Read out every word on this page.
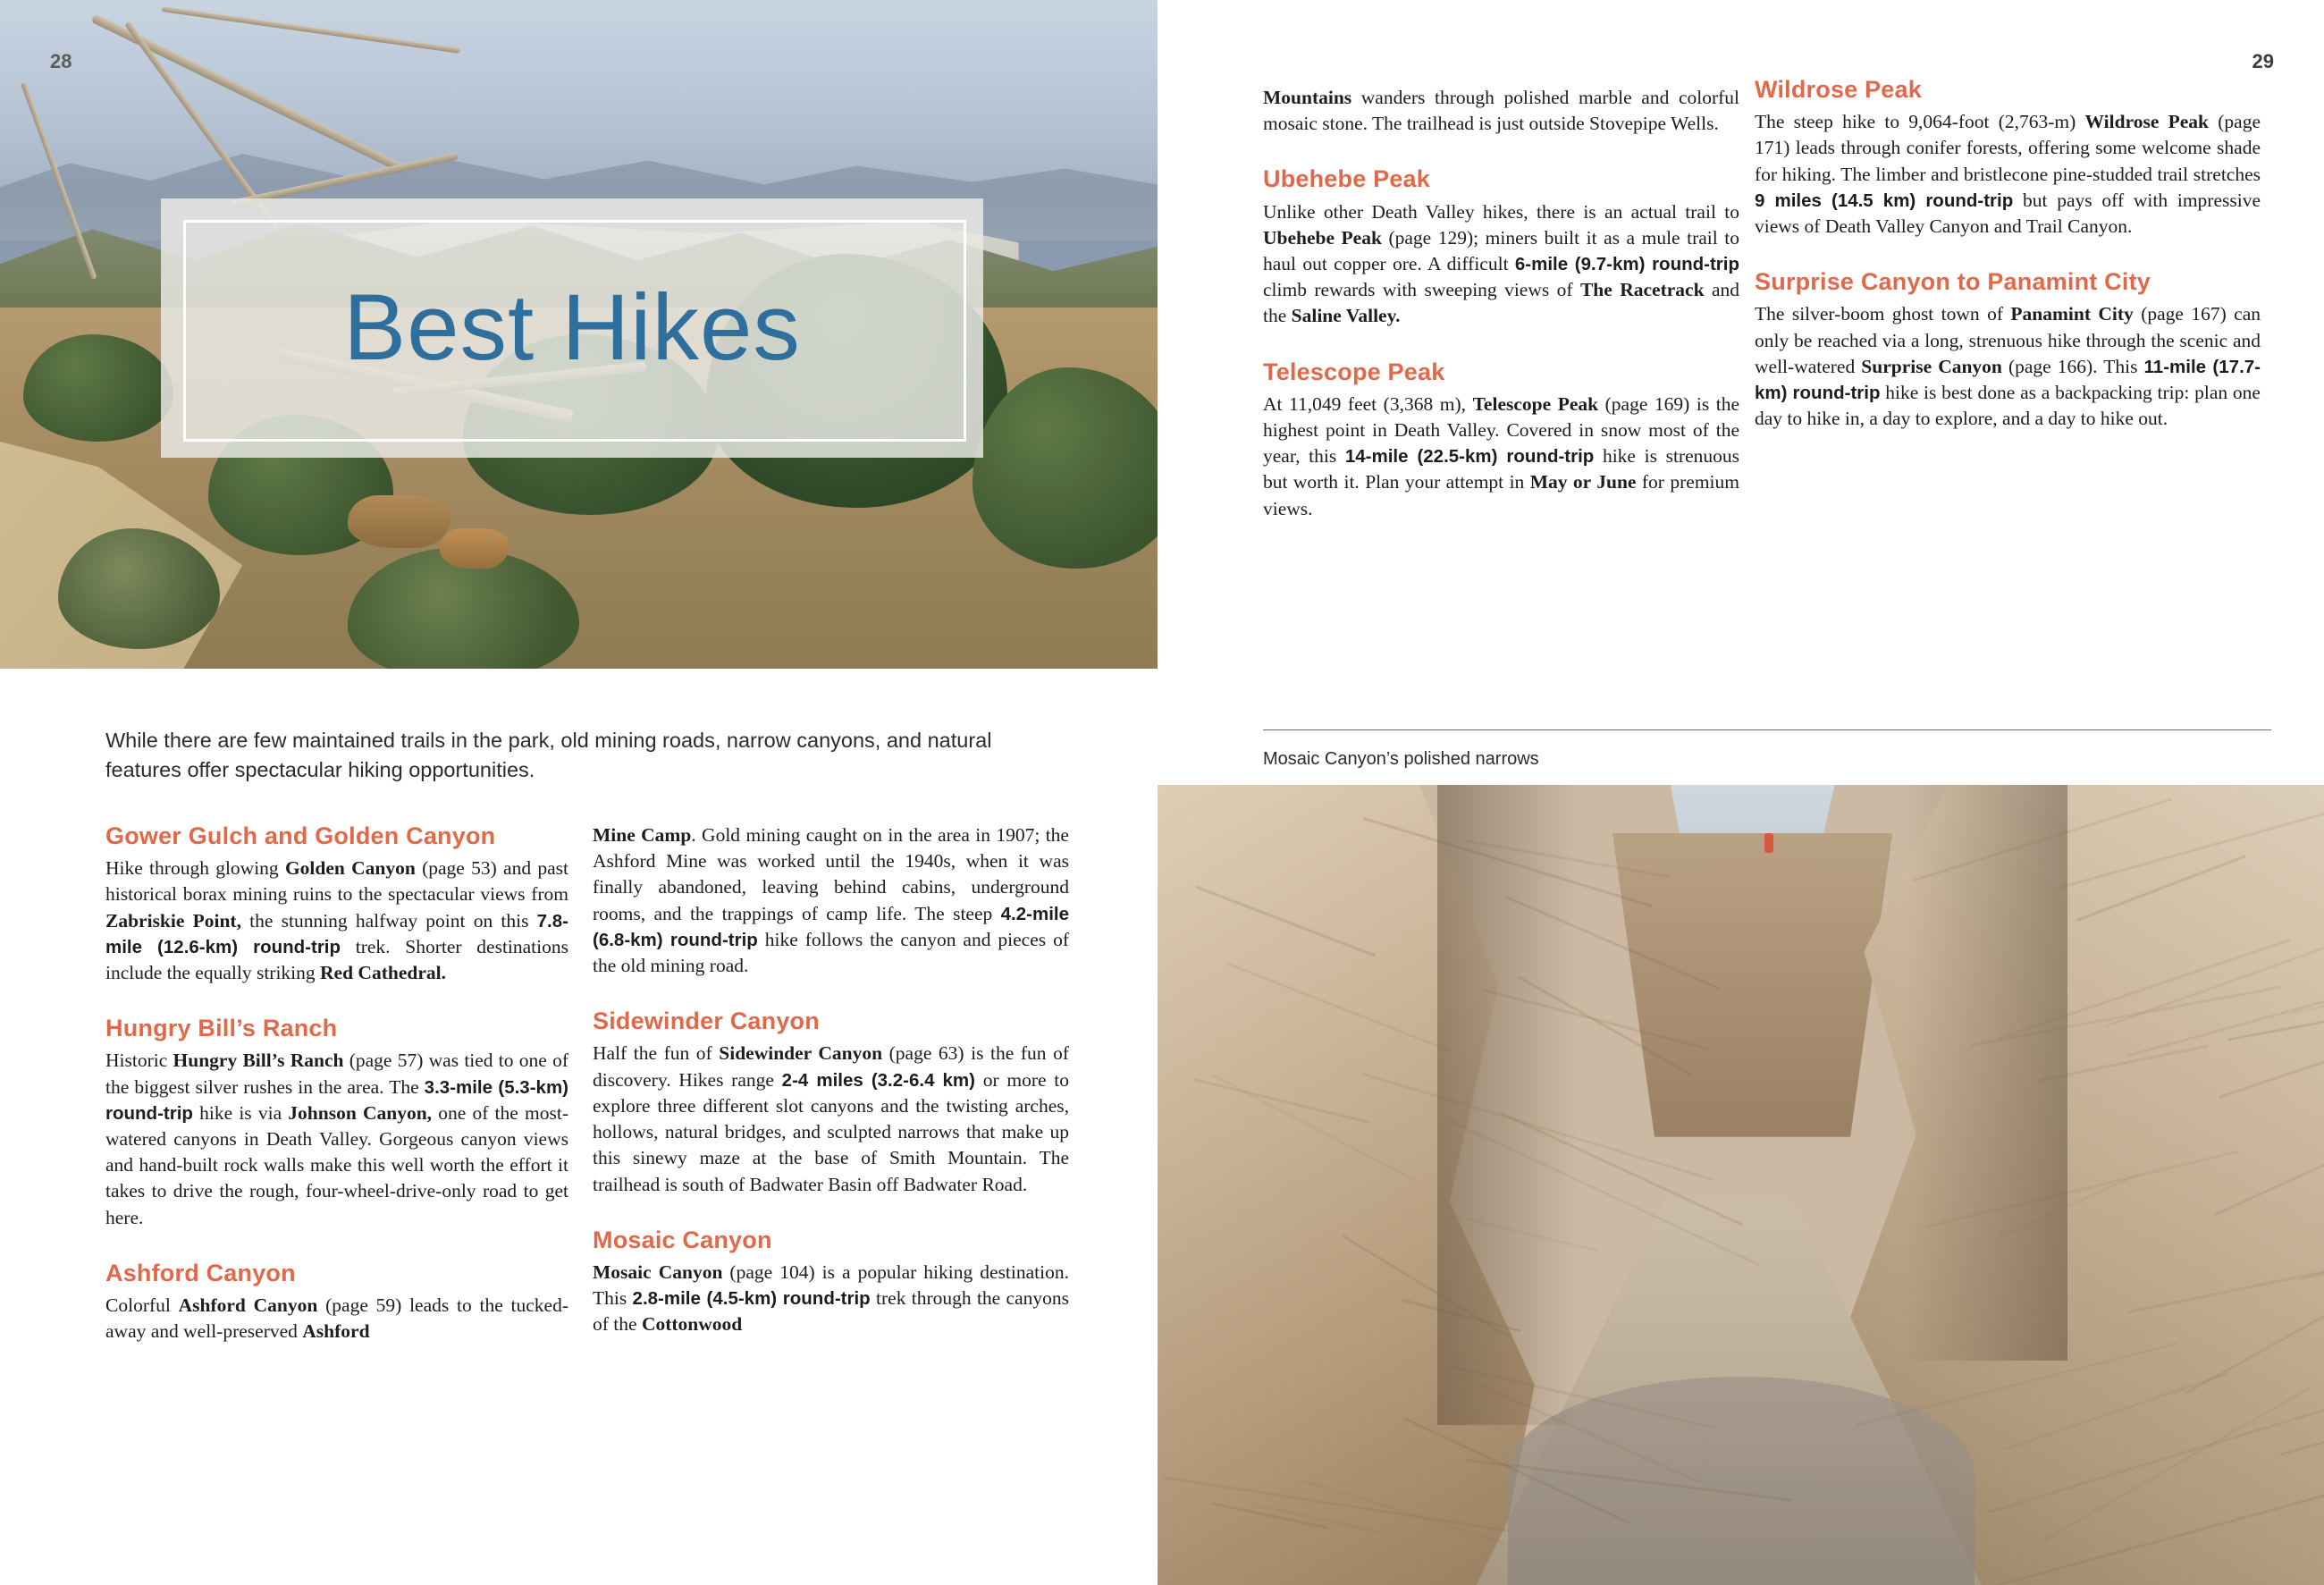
Best Hikes
28	29
While there are few maintained trails in the park, old mining roads, narrow canyons, and natural features offer spectacular hiking opportunities.
Gower Gulch and Golden Canyon

Hike through glowing Golden Canyon (page 53) and past historical borax mining ruins to the spectacular views from Zabriskie Point, the stunning halfway point on this 7.8-mile (12.6-km) round-trip trek. Shorter destinations include the equally striking Red Cathedral.

Hungry Bill’s Ranch

Historic Hungry Bill’s Ranch (page 57) was tied to one of the biggest silver rushes in the area. The 3.3-mile (5.3-km) round-trip hike is via Johnson Canyon, one of the most-watered canyons in Death Valley. Gorgeous canyon views and hand-built rock walls make this well worth the effort it takes to drive the rough, four-wheel-drive-only road to get here.

Ashford Canyon

Colorful Ashford Canyon (page 59) leads to the tucked-away and well-preserved Ashford

Mine Camp. Gold mining caught on in the area in 1907; the Ashford Mine was worked until the 1940s, when it was finally abandoned, leaving behind cabins, underground rooms, and the trappings of camp life. The steep 4.2-mile (6.8-km) round-trip hike follows the canyon and pieces of the old mining road.

Sidewinder Canyon

Half the fun of Sidewinder Canyon (page 63) is the fun of discovery. Hikes range 2-4 miles (3.2-6.4 km) or more to explore three different slot canyons and the twisting arches, hollows, natural bridges, and sculpted narrows that make up this sinewy maze at the base of Smith Mountain. The trailhead is south of Badwater Basin off Badwater Road.

Mosaic Canyon

Mosaic Canyon (page 104) is a popular hiking destination. This 2.8-mile (4.5-km) round-trip trek through the canyons of the Cottonwood

Mountains wanders through polished marble and colorful mosaic stone. The trailhead is just outside Stovepipe Wells.

Ubehebe Peak

Unlike other Death Valley hikes, there is an actual trail to Ubehebe Peak (page 129); miners built it as a mule trail to haul out copper ore. A difficult 6-mile (9.7-km) round-trip climb rewards with sweeping views of The Racetrack and the Saline Valley.

Telescope Peak

At 11,049 feet (3,368 m), Telescope Peak (page 169) is the highest point in Death Valley. Covered in snow most of the year, this 14-mile (22.5-km) round-trip hike is strenuous but worth it. Plan your attempt in May or June for premium views.

Wildrose Peak

The steep hike to 9,064-foot (2,763-m) Wildrose Peak (page 171) leads through conifer forests, offering some welcome shade for hiking. The limber and bristlecone pine-studded trail stretches 9 miles (14.5 km) round-trip but pays off with impressive views of Death Valley Canyon and Trail Canyon.

Surprise Canyon to Panamint City

The silver-boom ghost town of Panamint City (page 167) can only be reached via a long, strenuous hike through the scenic and well-watered Surprise Canyon (page 166). This 11-mile (17.7-km) round-trip hike is best done as a backpacking trip: plan one day to hike in, a day to explore, and a day to hike out.

Mosaic Canyon’s polished narrows
